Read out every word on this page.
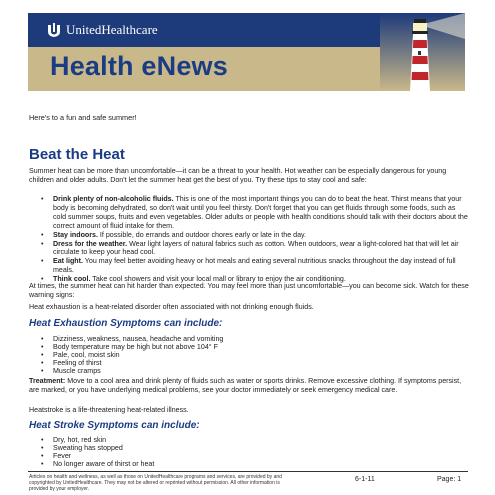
UnitedHealthcare
Health eNews
Here's to a fun and safe summer!
Beat the Heat

Summer heat can be more than uncomfortable—it can be a threat to your health. Hot weather can be especially dangerous for young children and older adults. Don't let the summer heat get the best of you. Try these tips to stay cool and safe:

• Drink plenty of non-alcoholic fluids. This is one of the most important things you can do to beat the heat. Thirst means that your body is becoming dehydrated, so don't wait until you feel thirsty. Don't forget that you can get fluids through some foods, such as cold summer soups, fruits and even vegetables. Older adults or people with health conditions should talk with their doctors about the correct amount of fluid intake for them.
• Stay indoors. If possible, do errands and outdoor chores early or late in the day.
• Dress for the weather. Wear light layers of natural fabrics such as cotton. When outdoors, wear a light-colored hat that will let air circulate to keep your head cool.
• Eat light. You may feel better avoiding heavy or hot meals and eating several nutritious snacks throughout the day instead of full meals.
• Think cool. Take cool showers and visit your local mall or library to enjoy the air conditioning.

At times, the summer heat can hit harder than expected. You may feel more than just uncomfortable—you can become sick. Watch for these warning signs:

Heat exhaustion is a heat-related disorder often associated with not drinking enough fluids.

Heat Exhaustion Symptoms can include:
• Dizziness, weakness, nausea, headache and vomiting
• Body temperature may be high but not above 104° F
• Pale, cool, moist skin
• Feeling of thirst
• Muscle cramps

Treatment: Move to a cool area and drink plenty of fluids such as water or sports drinks. Remove excessive clothing. If symptoms persist, are marked, or you have underlying medical problems, see your doctor immediately or seek emergency medical care.

Heatstroke is a life-threatening heat-related illness.

Heat Stroke Symptoms can include:
• Dry, hot, red skin
• Sweating has stopped
• Fever
• No longer aware of thirst or heat
Articles on health and wellness, as well as those on UnitedHealthcare programs and services, are provided by and copyrighted by UnitedHealthcare. They may not be altered or reprinted without permission. All other information is provided by your employer.
6-1-11	Page: 1
